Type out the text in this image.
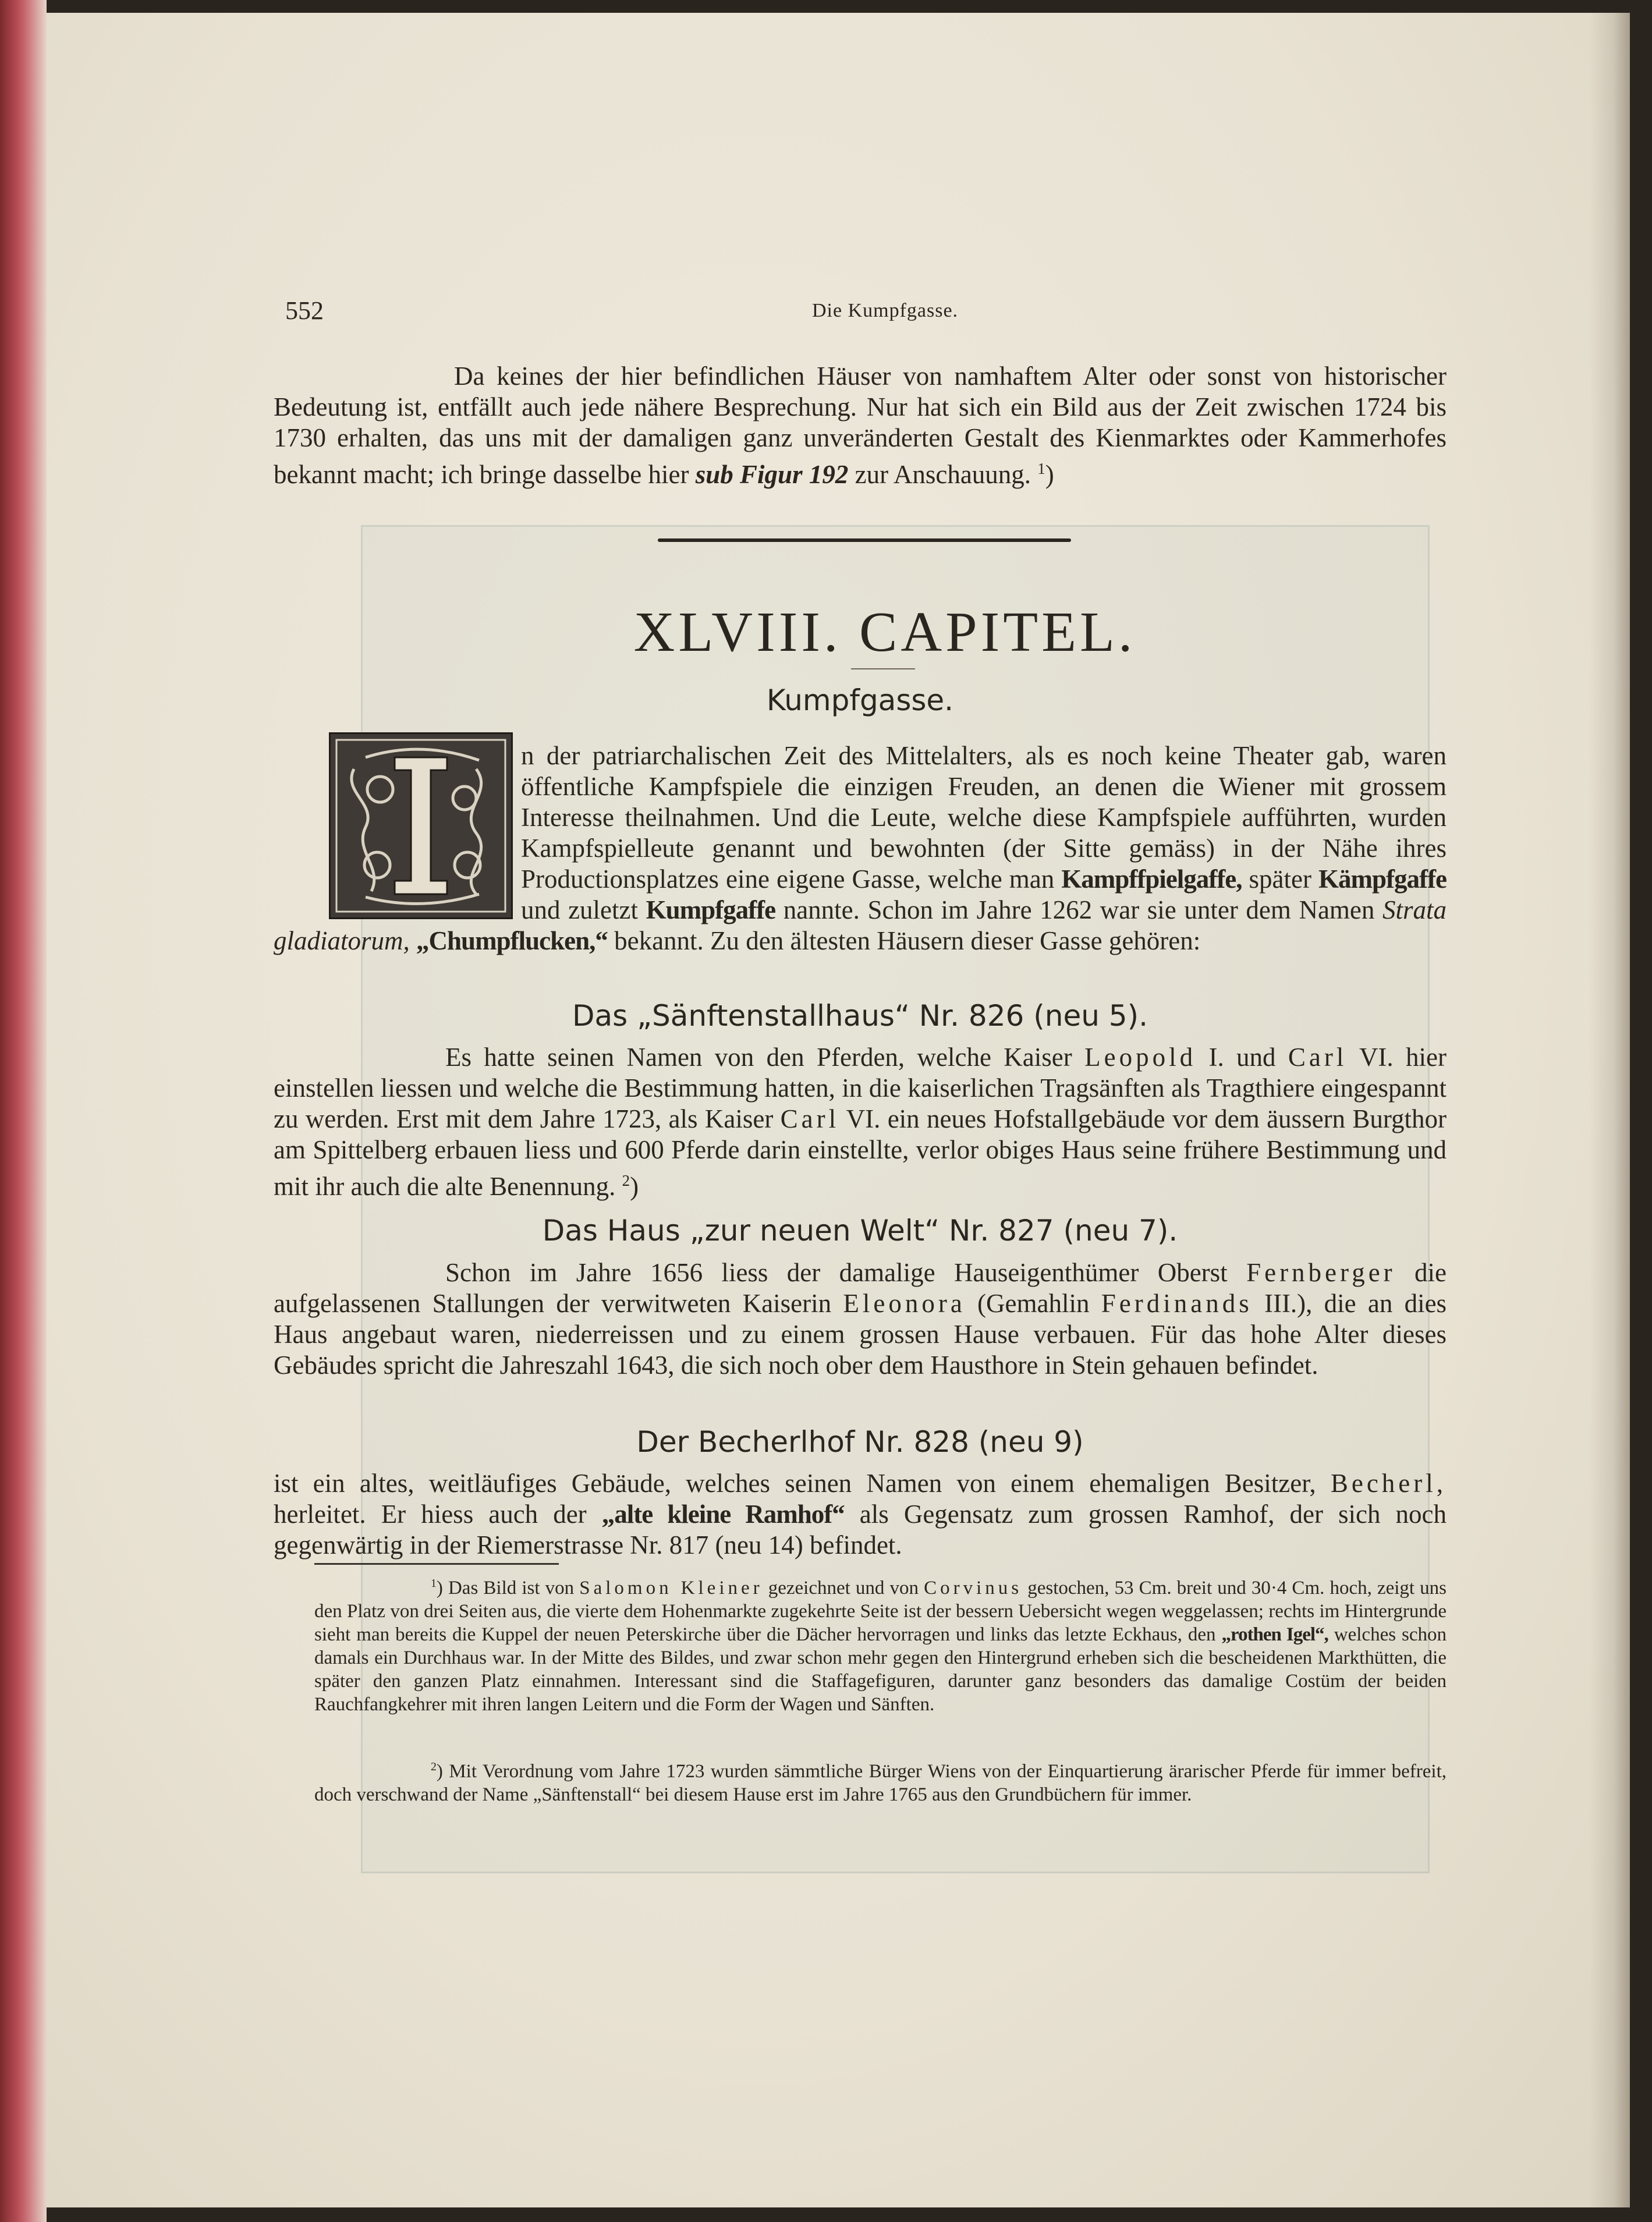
552	Die Kumpfgasse.
Da keines der hier befindlichen Häuser von namhaftem Alter oder sonst von historischer Bedeutung ist, entfällt auch jede nähere Besprechung. Nur hat sich ein Bild aus der Zeit zwischen 1724 bis 1730 erhalten, das uns mit der damaligen ganz unveränderten Gestalt des Kienmarktes oder Kammerhofes bekannt macht; ich bringe dasselbe hier sub Figur 192 zur Anschauung. $^1$)
XLVIII. CAPITEL.
Kumpfgasse.
n der patriarchalischen Zeit des Mittelalters, als es noch keine Theater gab, waren öffentliche Kampfspiele die einzigen Freuden, an denen die Wiener mit grossem Interesse theilnahmen. Und die Leute, welche diese Kampfspiele aufführten, wurden Kampfspielleute genannt und bewohnten (der Sitte gemäss) in der Nähe ihres Productionsplatzes eine eigene Gasse, welche man Kampffpielgaffe, später Kämpfgaffe und zuletzt Kumpfgaffe nannte. Schon im Jahre 1262 war sie unter dem Namen Strata gladiatorum, „Chumpflucken,“ bekannt. Zu den ältesten Häusern dieser Gasse gehören:
Das „Sänftenstallhaus“ Nr. 826 (neu 5).
Es hatte seinen Namen von den Pferden, welche Kaiser Leopold I. und Carl VI. hier einstellen liessen und welche die Bestimmung hatten, in die kaiserlichen Tragsänften als Tragthiere eingespannt zu werden. Erst mit dem Jahre 1723, als Kaiser Carl VI. ein neues Hofstallgebäude vor dem äussern Burgthor am Spittelberg erbauen liess und 600 Pferde darin einstellte, verlor obiges Haus seine frühere Bestimmung und mit ihr auch die alte Benennung. $^2$)
Das Haus „zur neuen Welt“ Nr. 827 (neu 7).
Schon im Jahre 1656 liess der damalige Hauseigenthümer Oberst Fernberger die aufgelassenen Stallungen der verwitweten Kaiserin Eleonora (Gemahlin Ferdinands III.), die an dies Haus angebaut waren, niederreissen und zu einem grossen Hause verbauen. Für das hohe Alter dieses Gebäudes spricht die Jahreszahl 1643, die sich noch ober dem Hausthore in Stein gehauen befindet.
Der Becherlhof Nr. 828 (neu 9)
ist ein altes, weitläufiges Gebäude, welches seinen Namen von einem ehemaligen Besitzer, Becherl, herleitet. Er hiess auch der „alte kleine Ramhof“ als Gegensatz zum grossen Ramhof, der sich noch gegenwärtig in der Riemerstrasse Nr. 817 (neu 14) befindet.
$^1$) Das Bild ist von Salomon Kleiner gezeichnet und von Corvinus gestochen, 53 Cm. breit und 30·4 Cm. hoch, zeigt uns den Platz von drei Seiten aus, die vierte dem Hohenmarkte zugekehrte Seite ist der bessern Uebersicht wegen weggelassen; rechts im Hintergrunde sieht man bereits die Kuppel der neuen Peterskirche über die Dächer hervorragen und links das letzte Eckhaus, den „rothen Igel“, welches schon damals ein Durchhaus war. In der Mitte des Bildes, und zwar schon mehr gegen den Hintergrund erheben sich die bescheidenen Markthütten, die später den ganzen Platz einnahmen. Interessant sind die Staffagefiguren, darunter ganz besonders das damalige Costüm der beiden Rauchfangkehrer mit ihren langen Leitern und die Form der Wagen und Sänften.
$^2$) Mit Verordnung vom Jahre 1723 wurden sämmtliche Bürger Wiens von der Einquartierung ärarischer Pferde für immer befreit, doch verschwand der Name „Sänftenstall“ bei diesem Hause erst im Jahre 1765 aus den Grundbüchern für immer.
